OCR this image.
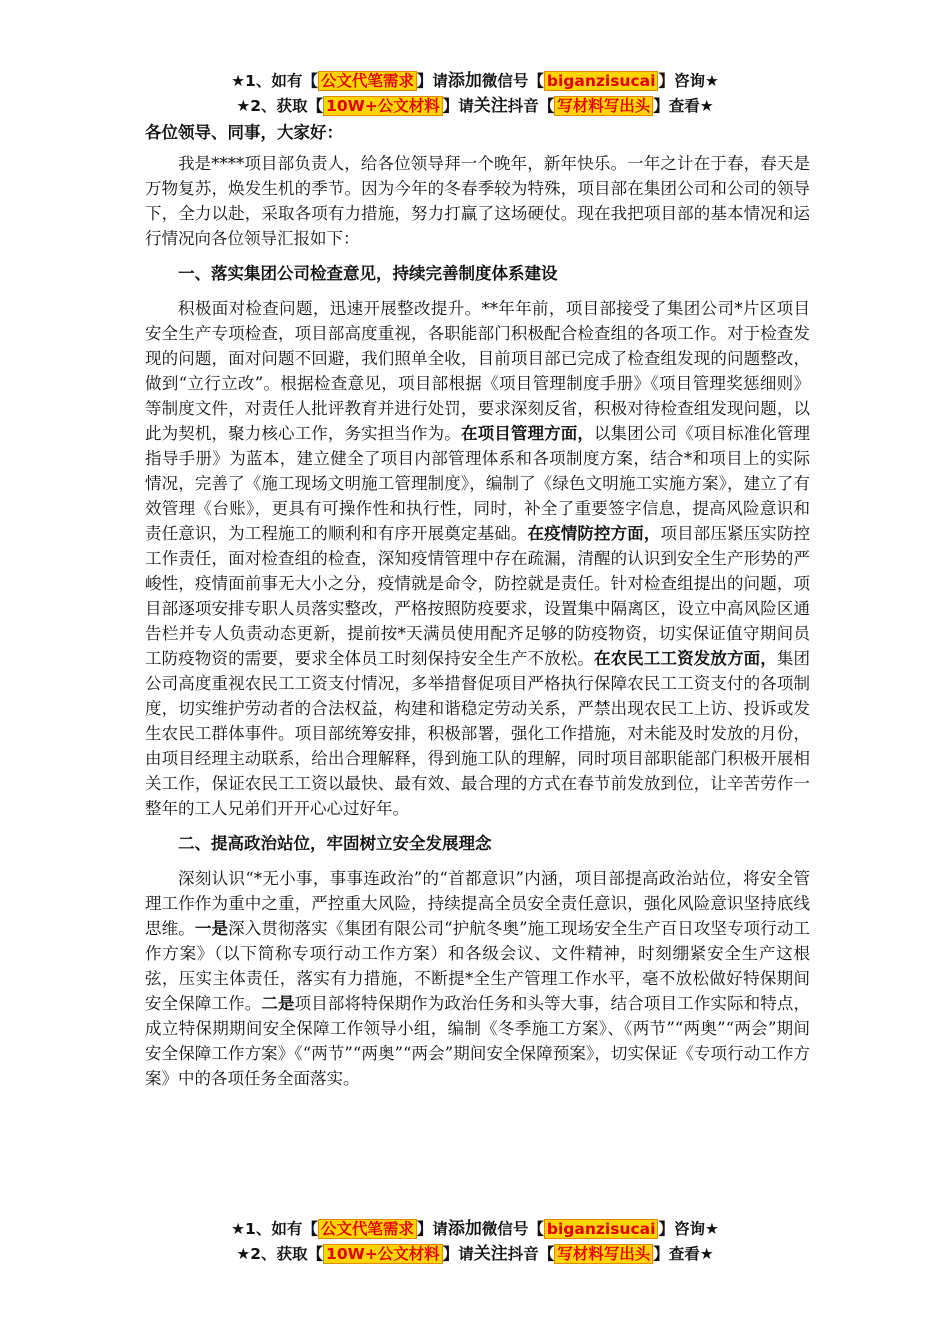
★1、如有【 公文代笔需求 】请添加微信号【 biganzisucai 】咨询★
★2、获取【 10W+公文材料 】请关注抖音【 写材料写出头 】查看★

各位领导、同事，大家好：

我是****项目部负责人，给各位领导拜一个晚年，新年快乐。一年之计在于春，春天是万物复苏，焕发生机的季节。因为今年的冬春季较为特殊，项目部在集团公司和公司的领导下，全力以赴，采取各项有力措施，努力打赢了这场硬仗。现在我把项目部的基本情况和运行情况向各位领导汇报如下：

一、落实集团公司检查意见，持续完善制度体系建设

积极面对检查问题，迅速开展整改提升。**年年前，项目部接受了集团公司*片区项目安全生产专项检查，项目部高度重视，各职能部门积极配合检查组的各项工作。对于检查发现的问题，面对问题不回避，我们照单全收，目前项目部已完成了检查组发现的问题整改，做到“立行立改”。根据检查意见，项目部根据《项目管理制度手册》《项目管理奖惩细则》等制度文件，对责任人批评教育并进行处罚，要求深刻反省，积极对待检查组发现问题，以此为契机，聚力核心工作，务实担当作为。在项目管理方面，以集团公司《项目标准化管理指导手册》为蓝本，建立健全了项目内部管理体系和各项制度方案，结合*和项目上的实际情况，完善了《施工现场文明施工管理制度》，编制了《绿色文明施工实施方案》，建立了有效管理《台账》，更具有可操作性和执行性，同时，补全了重要签字信息，提高风险意识和责任意识，为工程施工的顺利和有序开展奠定基础。在疫情防控方面，项目部压紧压实防控工作责任，面对检查组的检查，深知疫情管理中存在疏漏，清醒的认识到安全生产形势的严峻性，疫情面前事无大小之分，疫情就是命令，防控就是责任。针对检查组提出的问题，项目部逐项安排专职人员落实整改，严格按照防疫要求，设置集中隔离区，设立中高风险区通告栏并专人负责动态更新，提前按*天满员使用配齐足够的防疫物资，切实保证值守期间员工防疫物资的需要，要求全体员工时刻保持安全生产不放松。在农民工工资发放方面，集团公司高度重视农民工工资支付情况，多举措督促项目严格执行保障农民工工资支付的各项制度，切实维护劳动者的合法权益，构建和谐稳定劳动关系，严禁出现农民工上访、投诉或发生农民工群体事件。项目部统筹安排，积极部署，强化工作措施，对未能及时发放的月份，由项目经理主动联系，给出合理解释，得到施工队的理解，同时项目部职能部门积极开展相关工作，保证农民工工资以最快、最有效、最合理的方式在春节前发放到位，让辛苦劳作一整年的工人兄弟们开开心心过好年。

二、提高政治站位，牢固树立安全发展理念

深刻认识“*无小事，事事连政治”的“首都意识”内涵，项目部提高政治站位，将安全管理工作作为重中之重，严控重大风险，持续提高全员安全责任意识，强化风险意识坚持底线思维。一是深入贯彻落实《集团有限公司“护航冬奥”施工现场安全生产百日攻坚专项行动工作方案》（以下简称专项行动工作方案）和各级会议、文件精神，时刻绷紧安全生产这根弦，压实主体责任，落实有力措施，不断提*全生产管理工作水平，毫不放松做好特保期间安全保障工作。二是项目部将特保期作为政治任务和头等大事，结合项目工作实际和特点，成立特保期期间安全保障工作领导小组，编制《冬季施工方案》、《两节”“两奥”“两会”期间安全保障工作方案》《“两节”“两奥”“两会”期间安全保障预案》，切实保证《专项行动工作方案》中的各项任务全面落实。

★1、如有【 公文代笔需求 】请添加微信号【 biganzisucai 】咨询★
★2、获取【 10W+公文材料 】请关注抖音【 写材料写出头 】查看★
